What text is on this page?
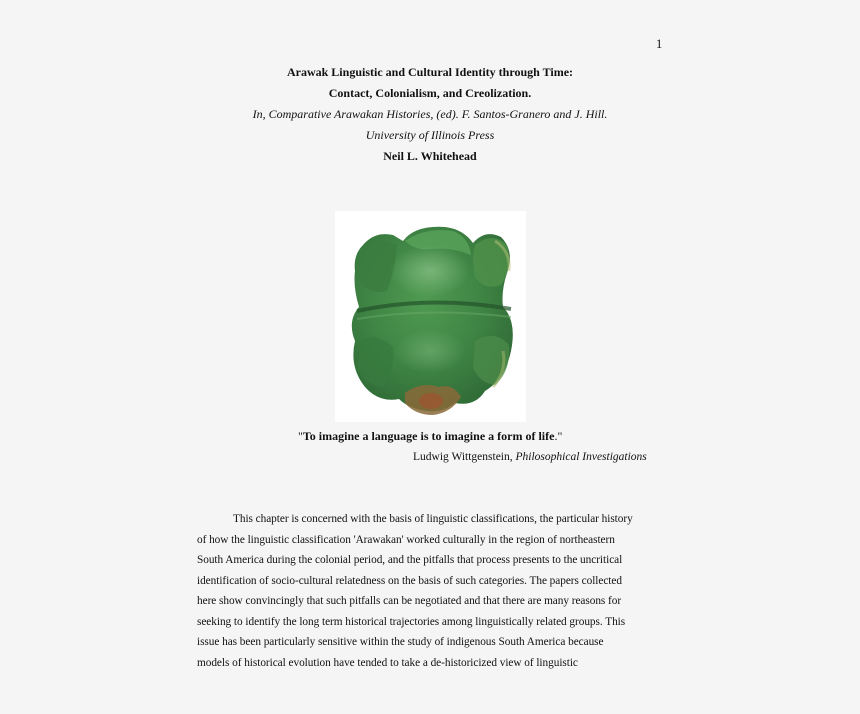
1
Arawak Linguistic and Cultural Identity through Time:
Contact, Colonialism, and Creolization.
In, Comparative Arawakan Histories, (ed). F. Santos-Granero and J. Hill.
University of Illinois Press
Neil L. Whitehead
"To imagine a language is to imagine a form of life."
Ludwig Wittgenstein, Philosophical Investigations
This chapter is concerned with the basis of linguistic classifications, the particular history
of how the linguistic classification 'Arawakan' worked culturally in the region of northeastern
South America during the colonial period, and the pitfalls that process presents to the uncritical
identification of socio-cultural relatedness on the basis of such categories. The papers collected
here show convincingly that such pitfalls can be negotiated and that there are many reasons for
seeking to identify the long term historical trajectories among linguistically related groups. This
issue has been particularly sensitive within the study of indigenous South America because
models of historical evolution have tended to take a de-historicized view of linguistic
